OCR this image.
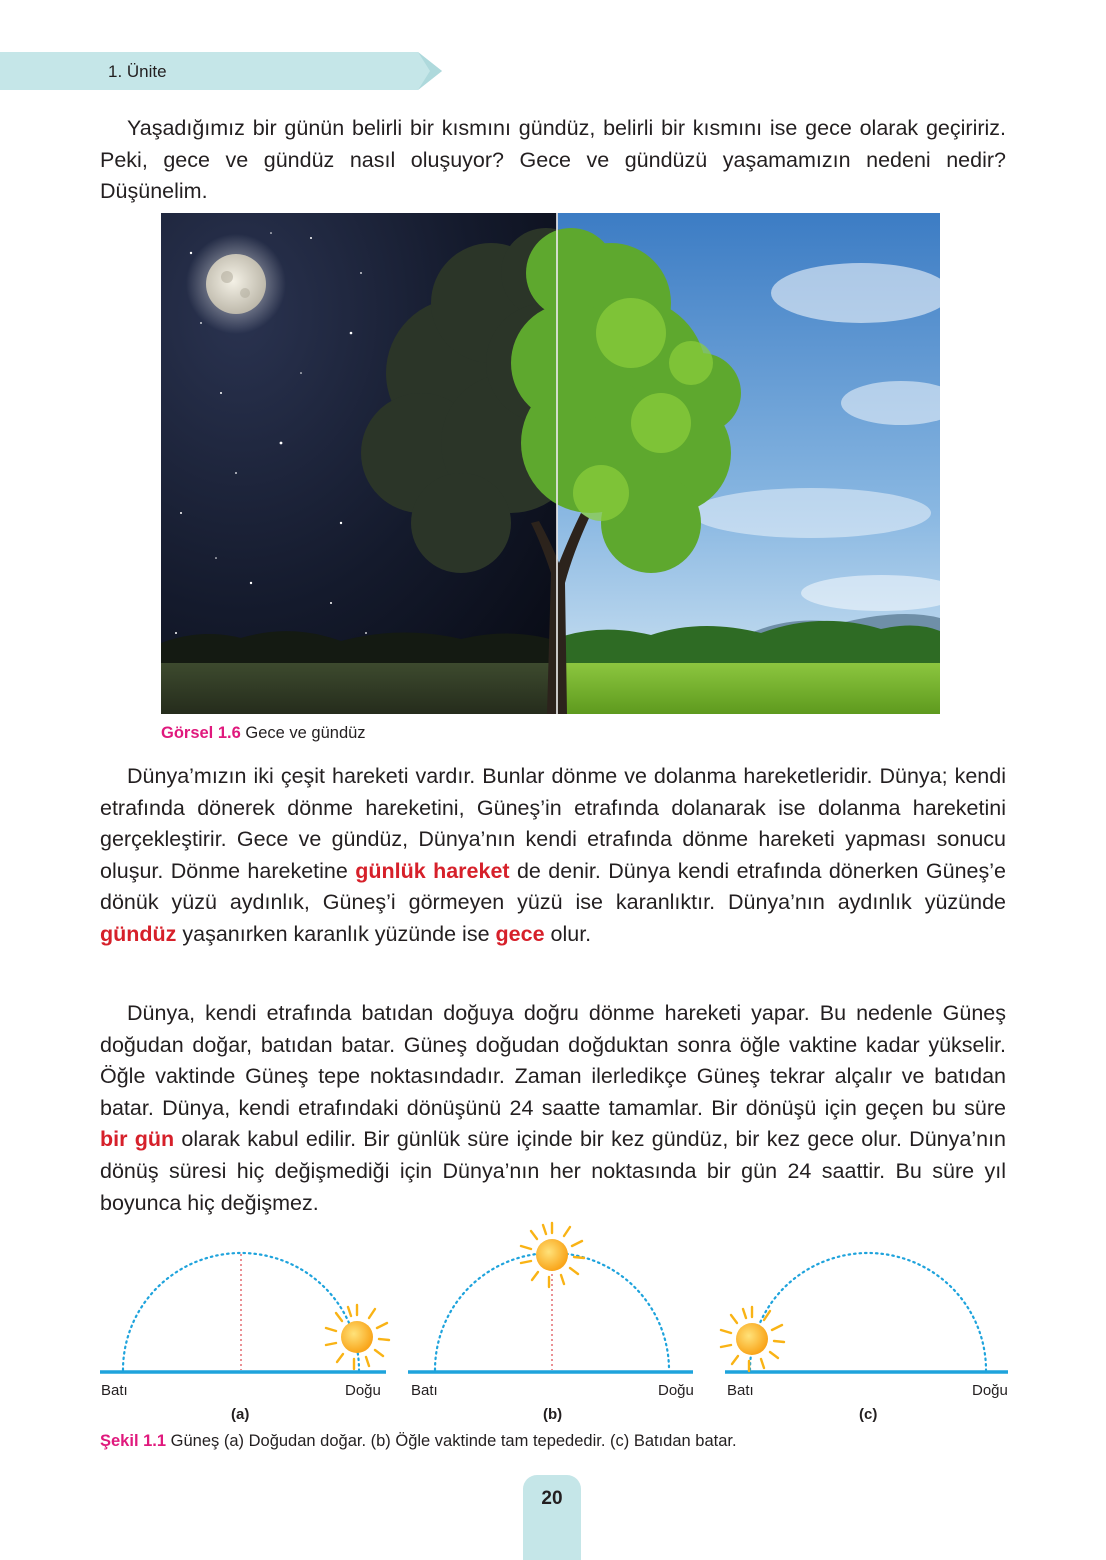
1. Ünite

Yaşadığımız bir günün belirli bir kısmını gündüz, belirli bir kısmını ise gece olarak geçiririz. Peki, gece ve gündüz nasıl oluşuyor? Gece ve gündüzü yaşamamızın nedeni nedir? Düşünelim.

Görsel 1.6 Gece ve gündüz

Dünya’mızın iki çeşit hareketi vardır. Bunlar dönme ve dolanma hareketleridir. Dünya; kendi etrafında dönerek dönme hareketini, Güneş’in etrafında dolanarak ise dolanma hareketini gerçekleştirir. Gece ve gündüz, Dünya’nın kendi etrafında dönme hareketi yapması sonucu oluşur. Dönme hareketine günlük hareket de denir. Dünya kendi etrafında dönerken Güneş’e dönük yüzü aydınlık, Güneş’i görmeyen yüzü ise karanlıktır. Dünya’nın aydınlık yüzünde gündüz yaşanırken karanlık yüzünde ise gece olur.

Dünya, kendi etrafında batıdan doğuya doğru dönme hareketi yapar. Bu nedenle Güneş doğudan doğar, batıdan batar. Güneş doğudan doğduktan sonra öğle vaktine kadar yükselir. Öğle vaktinde Güneş tepe noktasındadır. Zaman ilerledikçe Güneş tekrar alçalır ve batıdan batar. Dünya, kendi etrafındaki dönüşünü 24 saatte tamamlar. Bir dönüşü için geçen bu süre bir gün olarak kabul edilir. Bir günlük süre içinde bir kez gündüz, bir kez gece olur. Dünya’nın dönüş süresi hiç değişmediği için Dünya’nın her noktasında bir gün 24 saattir. Bu süre yıl boyunca hiç değişmez.

Batı	Doğu
(a)
Batı	Doğu
(b)
Batı	Doğu
(c)
Şekil 1.1 Güneş (a) Doğudan doğar. (b) Öğle vaktinde tam tepededir. (c) Batıdan batar.
20
